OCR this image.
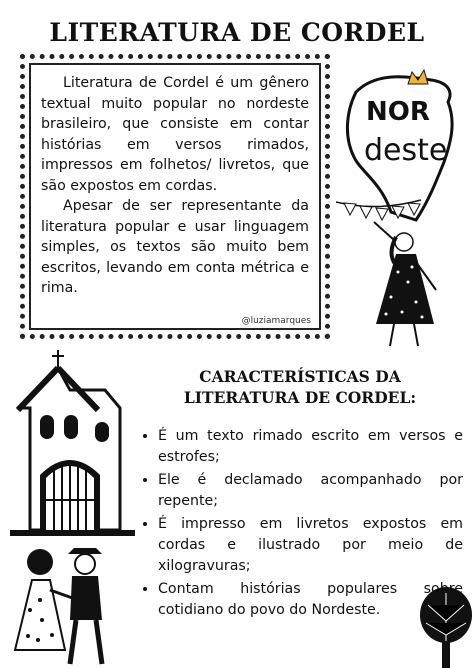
LITERATURA DE CORDEL

Literatura de Cordel é um gênero textual muito popular no nordeste brasileiro, que consiste em contar histórias em versos rimados, impressos em folhetos/ livretos, que são expostos em cordas.

Apesar de ser representante da literatura popular e usar linguagem simples, os textos são muito bem escritos, levando em conta métrica e rima.

@luziamarques
NOR
deste
CARACTERÍSTICAS DA LITERATURA DE CORDEL:
• É um texto rimado escrito em versos e estrofes;
• Ele é declamado acompanhado por repente;
• É impresso em livretos expostos em cordas e ilustrado por meio de xilogravuras;
• Contam histórias populares sobre cotidiano do povo do Nordeste.
